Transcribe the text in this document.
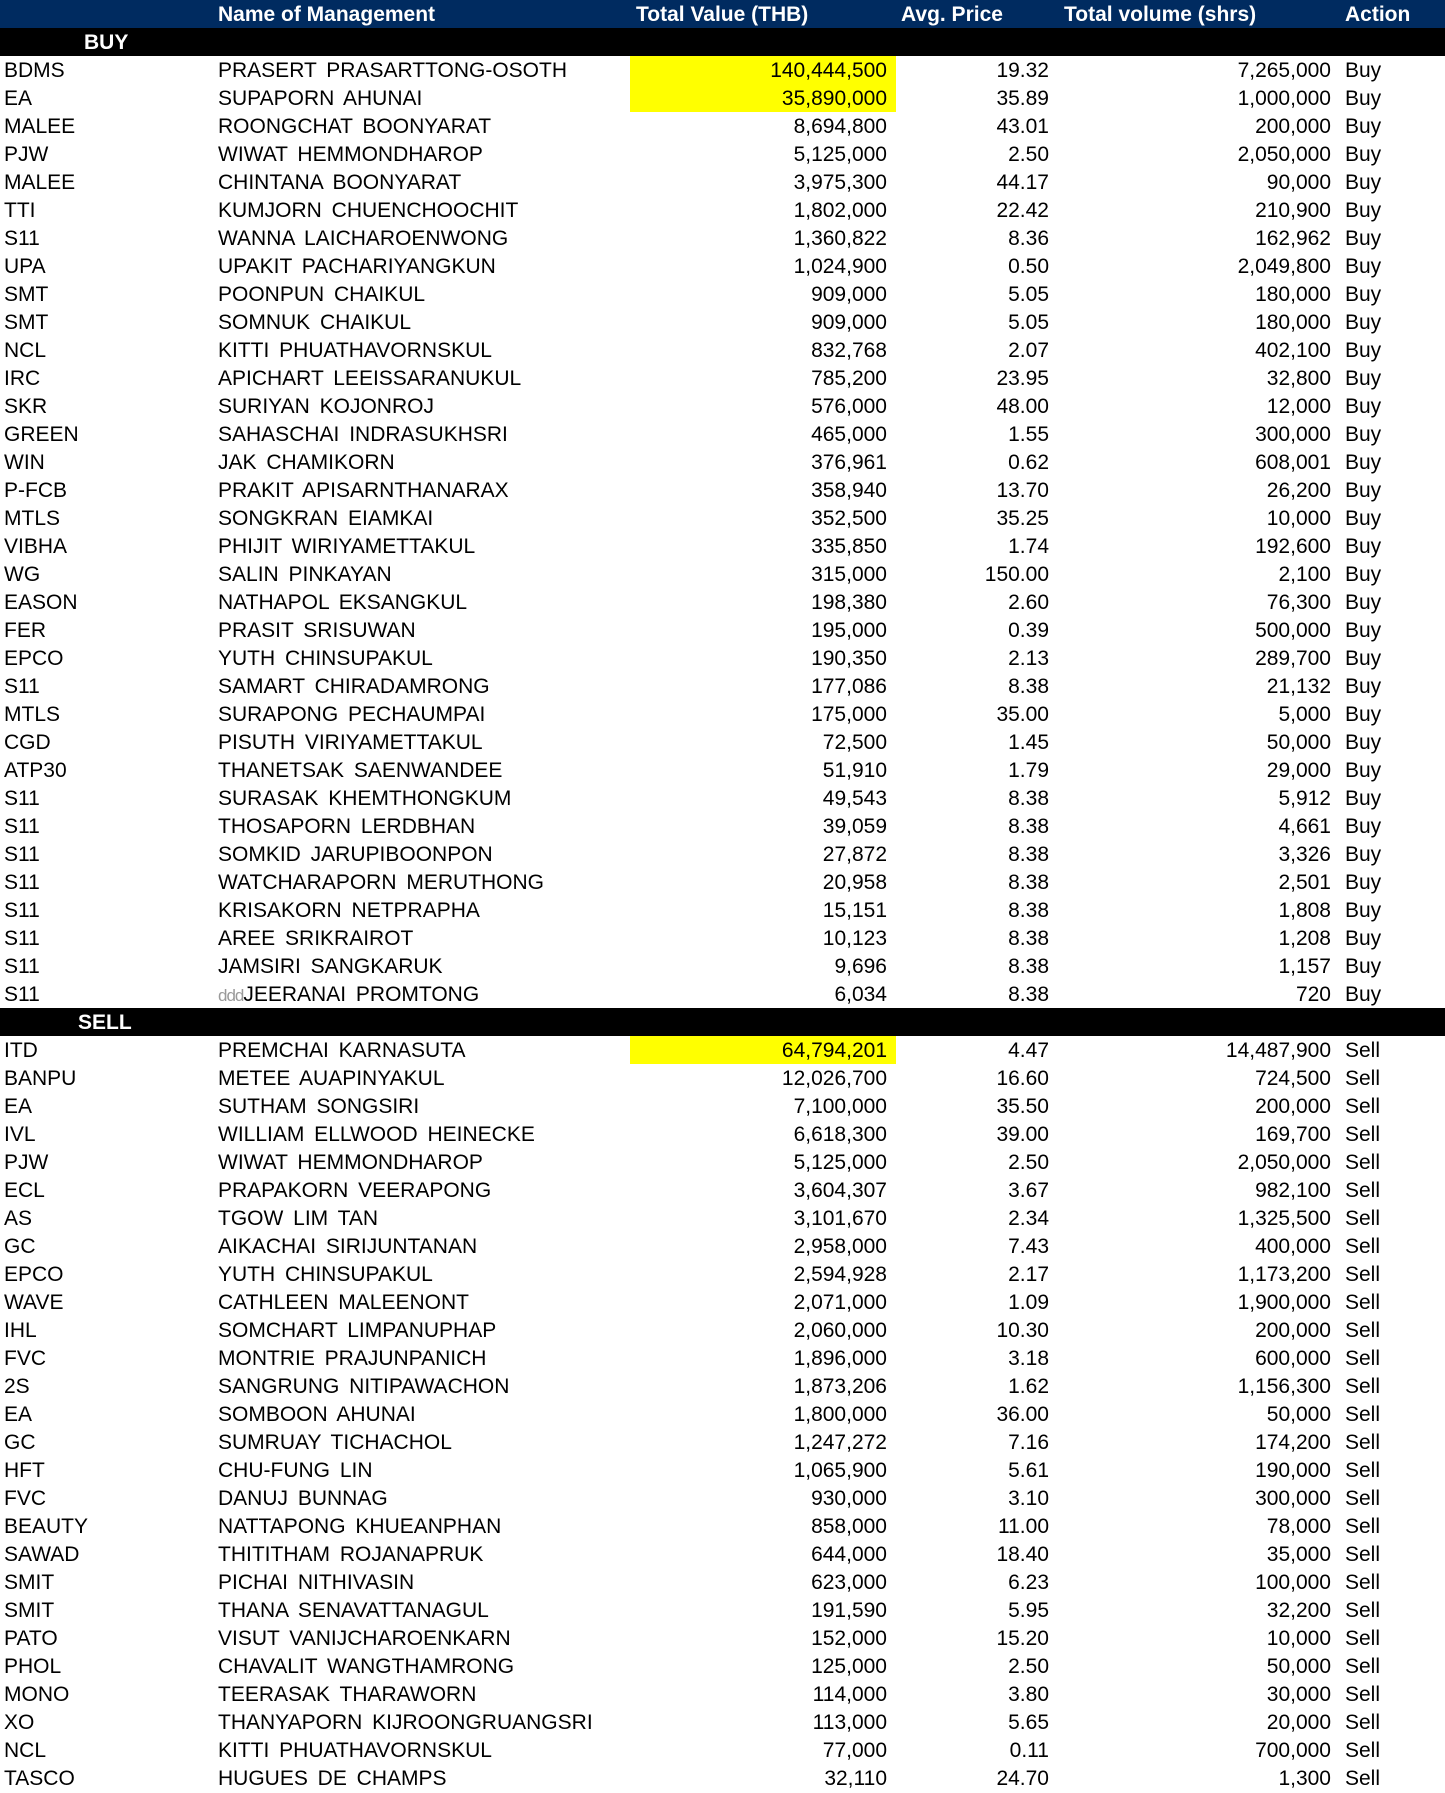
Name of Management	Total Value (THB)	Avg. Price	Total volume (shrs)	Action
BUY
BDMS	PRASERT PRASARTTONG-OSOTH	140,444,500	19.32	7,265,000 Buy
EA	SUPAPORN AHUNAI	35,890,000	35.89	1,000,000 Buy
MALEE	ROONGCHAT BOONYARAT	8,694,800	43.01	200,000 Buy
PJW	WIWAT HEMMONDHAROP	5,125,000	2.50	2,050,000 Buy
MALEE	CHINTANA BOONYARAT	3,975,300	44.17	90,000 Buy
TTI	KUMJORN CHUENCHOOCHIT	1,802,000	22.42	210,900 Buy
S11	WANNA LAICHAROENWONG	1,360,822	8.36	162,962 Buy
UPA	UPAKIT PACHARIYANGKUN	1,024,900	0.50	2,049,800 Buy
SMT	POONPUN CHAIKUL	909,000	5.05	180,000 Buy
SMT	SOMNUK CHAIKUL	909,000	5.05	180,000 Buy
NCL	KITTI PHUATHAVORNSKUL	832,768	2.07	402,100 Buy
IRC	APICHART LEEISSARANUKUL	785,200	23.95	32,800 Buy
SKR	SURIYAN KOJONROJ	576,000	48.00	12,000 Buy
GREEN	SAHASCHAI INDRASUKHSRI	465,000	1.55	300,000 Buy
WIN	JAK CHAMIKORN	376,961	0.62	608,001 Buy
P-FCB	PRAKIT APISARNTHANARAX	358,940	13.70	26,200 Buy
MTLS	SONGKRAN EIAMKAI	352,500	35.25	10,000 Buy
VIBHA	PHIJIT WIRIYAMETTAKUL	335,850	1.74	192,600 Buy
WG	SALIN PINKAYAN	315,000	150.00	2,100 Buy
EASON	NATHAPOL EKSANGKUL	198,380	2.60	76,300 Buy
FER	PRASIT SRISUWAN	195,000	0.39	500,000 Buy
EPCO	YUTH CHINSUPAKUL	190,350	2.13	289,700 Buy
S11	SAMART CHIRADAMRONG	177,086	8.38	21,132 Buy
MTLS	SURAPONG PECHAUMPAI	175,000	35.00	5,000 Buy
CGD	PISUTH VIRIYAMETTAKUL	72,500	1.45	50,000 Buy
ATP30	THANETSAK SAENWANDEE	51,910	1.79	29,000 Buy
S11	SURASAK KHEMTHONGKUM	49,543	8.38	5,912 Buy
S11	THOSAPORN LERDBHAN	39,059	8.38	4,661 Buy
S11	SOMKID JARUPIBOONPON	27,872	8.38	3,326 Buy
S11	WATCHARAPORN MERUTHONG	20,958	8.38	2,501 Buy
S11	KRISAKORN NETPRAPHA	15,151	8.38	1,808 Buy
S11	AREE SRIKRAIROT	10,123	8.38	1,208 Buy
S11	JAMSIRI SANGKARUK	9,696	8.38	1,157 Buy
S11	dddJEERANAI PROMTONG	6,034	8.38	720 Buy
SELL
ITD	PREMCHAI KARNASUTA	64,794,201	4.47	14,487,900 Sell
BANPU	METEE AUAPINYAKUL	12,026,700	16.60	724,500 Sell
EA	SUTHAM SONGSIRI	7,100,000	35.50	200,000 Sell
IVL	WILLIAM ELLWOOD HEINECKE	6,618,300	39.00	169,700 Sell
PJW	WIWAT HEMMONDHAROP	5,125,000	2.50	2,050,000 Sell
ECL	PRAPAKORN VEERAPONG	3,604,307	3.67	982,100 Sell
AS	TGOW LIM TAN	3,101,670	2.34	1,325,500 Sell
GC	AIKACHAI SIRIJUNTANAN	2,958,000	7.43	400,000 Sell
EPCO	YUTH CHINSUPAKUL	2,594,928	2.17	1,173,200 Sell
WAVE	CATHLEEN MALEENONT	2,071,000	1.09	1,900,000 Sell
IHL	SOMCHART LIMPANUPHAP	2,060,000	10.30	200,000 Sell
FVC	MONTRIE PRAJUNPANICH	1,896,000	3.18	600,000 Sell
2S	SANGRUNG NITIPAWACHON	1,873,206	1.62	1,156,300 Sell
EA	SOMBOON AHUNAI	1,800,000	36.00	50,000 Sell
GC	SUMRUAY TICHACHOL	1,247,272	7.16	174,200 Sell
HFT	CHU-FUNG LIN	1,065,900	5.61	190,000 Sell
FVC	DANUJ BUNNAG	930,000	3.10	300,000 Sell
BEAUTY	NATTAPONG KHUEANPHAN	858,000	11.00	78,000 Sell
SAWAD	THITITHAM ROJANAPRUK	644,000	18.40	35,000 Sell
SMIT	PICHAI NITHIVASIN	623,000	6.23	100,000 Sell
SMIT	THANA SENAVATTANAGUL	191,590	5.95	32,200 Sell
PATO	VISUT VANIJCHAROENKARN	152,000	15.20	10,000 Sell
PHOL	CHAVALIT WANGTHAMRONG	125,000	2.50	50,000 Sell
MONO	TEERASAK THARAWORN	114,000	3.80	30,000 Sell
XO	THANYAPORN KIJROONGRUANGSRI	113,000	5.65	20,000 Sell
NCL	KITTI PHUATHAVORNSKUL	77,000	0.11	700,000 Sell
TASCO	HUGUES DE CHAMPS	32,110	24.70	1,300 Sell
